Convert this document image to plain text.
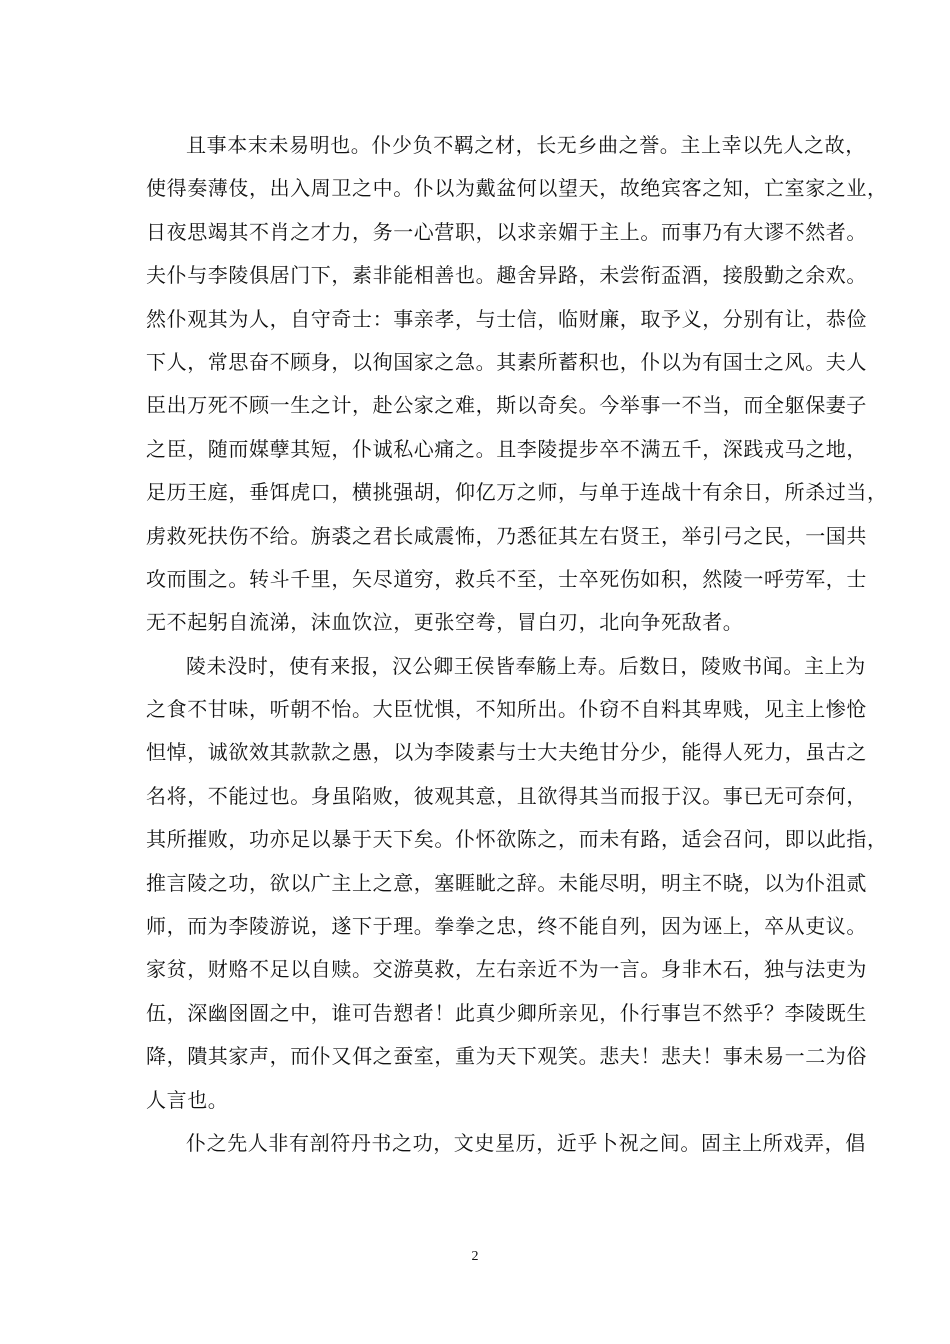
且事本末未易明也。仆少负不羁之材，长无乡曲之誉。主上幸以先人之故，
使得奏薄伎，出入周卫之中。仆以为戴盆何以望天，故绝宾客之知，亡室家之业，
日夜思竭其不肖之才力，务一心营职，以求亲媚于主上。而事乃有大谬不然者。
夫仆与李陵俱居门下，素非能相善也。趣舍异路，未尝衔盃酒，接殷勤之余欢。
然仆观其为人，自守奇士：事亲孝，与士信，临财廉，取予义，分别有让，恭俭
下人，常思奋不顾身，以徇国家之急。其素所蓄积也，仆以为有国士之风。夫人
臣出万死不顾一生之计，赴公家之难，斯以奇矣。今举事一不当，而全躯保妻子
之臣，随而媒孽其短，仆诚私心痛之。且李陵提步卒不满五千，深践戎马之地，
足历王庭，垂饵虎口，横挑强胡，仰亿万之师，与单于连战十有余日，所杀过当，
虏救死扶伤不给。旃裘之君长咸震怖，乃悉征其左右贤王，举引弓之民，一国共
攻而围之。转斗千里，矢尽道穷，救兵不至，士卒死伤如积，然陵一呼劳军，士
无不起躬自流涕，沫血饮泣，更张空弮，冒白刃，北向争死敌者。
陵未没时，使有来报，汉公卿王侯皆奉觞上寿。后数日，陵败书闻。主上为
之食不甘味，听朝不怡。大臣忧惧，不知所出。仆窃不自料其卑贱，见主上惨怆
怛悼，诚欲效其款款之愚，以为李陵素与士大夫绝甘分少，能得人死力，虽古之
名将，不能过也。身虽陷败，彼观其意，且欲得其当而报于汉。事已无可奈何，
其所摧败，功亦足以暴于天下矣。仆怀欲陈之，而未有路，适会召问，即以此指，
推言陵之功，欲以广主上之意，塞睚眦之辞。未能尽明，明主不晓，以为仆沮贰
师，而为李陵游说，遂下于理。拳拳之忠，终不能自列，因为诬上，卒从吏议。
家贫，财赂不足以自赎。交游莫救，左右亲近不为一言。身非木石，独与法吏为
伍，深幽囹圄之中，谁可告愬者！此真少卿所亲见，仆行事岂不然乎？李陵既生
降，隤其家声，而仆又佴之蚕室，重为天下观笑。悲夫！悲夫！事未易一二为俗
人言也。
仆之先人非有剖符丹书之功，文史星历，近乎卜祝之间。固主上所戏弄，倡
2
